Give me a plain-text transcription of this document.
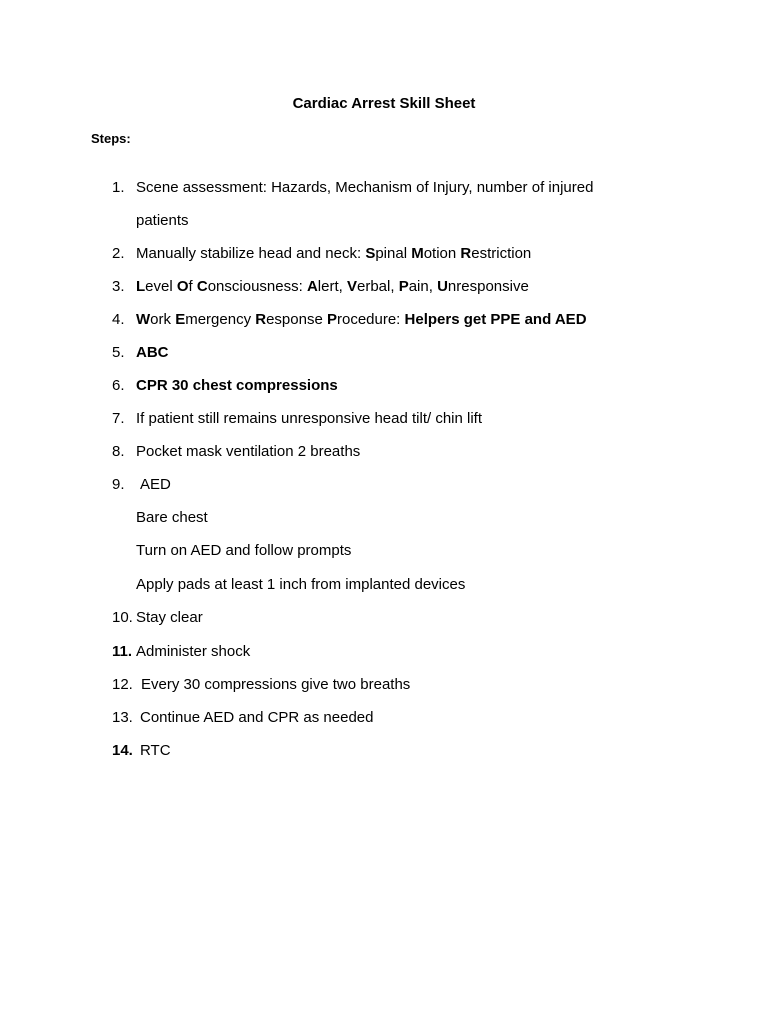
Cardiac Arrest Skill Sheet
Steps:
1. Scene assessment: Hazards, Mechanism of Injury, number of injured
patients
2. Manually stabilize head and neck: Spinal Motion Restriction
3. Level Of Consciousness: Alert, Verbal, Pain, Unresponsive
4. Work Emergency Response Procedure: Helpers get PPE and AED
5. ABC
6. CPR 30 chest compressions
7. If patient still remains unresponsive head tilt/ chin lift
8. Pocket mask ventilation 2 breaths
9. AED
Bare chest
Turn on AED and follow prompts
Apply pads at least 1 inch from implanted devices
10. Stay clear
11. Administer shock
12. Every 30 compressions give two breaths
13. Continue AED and CPR as needed
14. RTC
